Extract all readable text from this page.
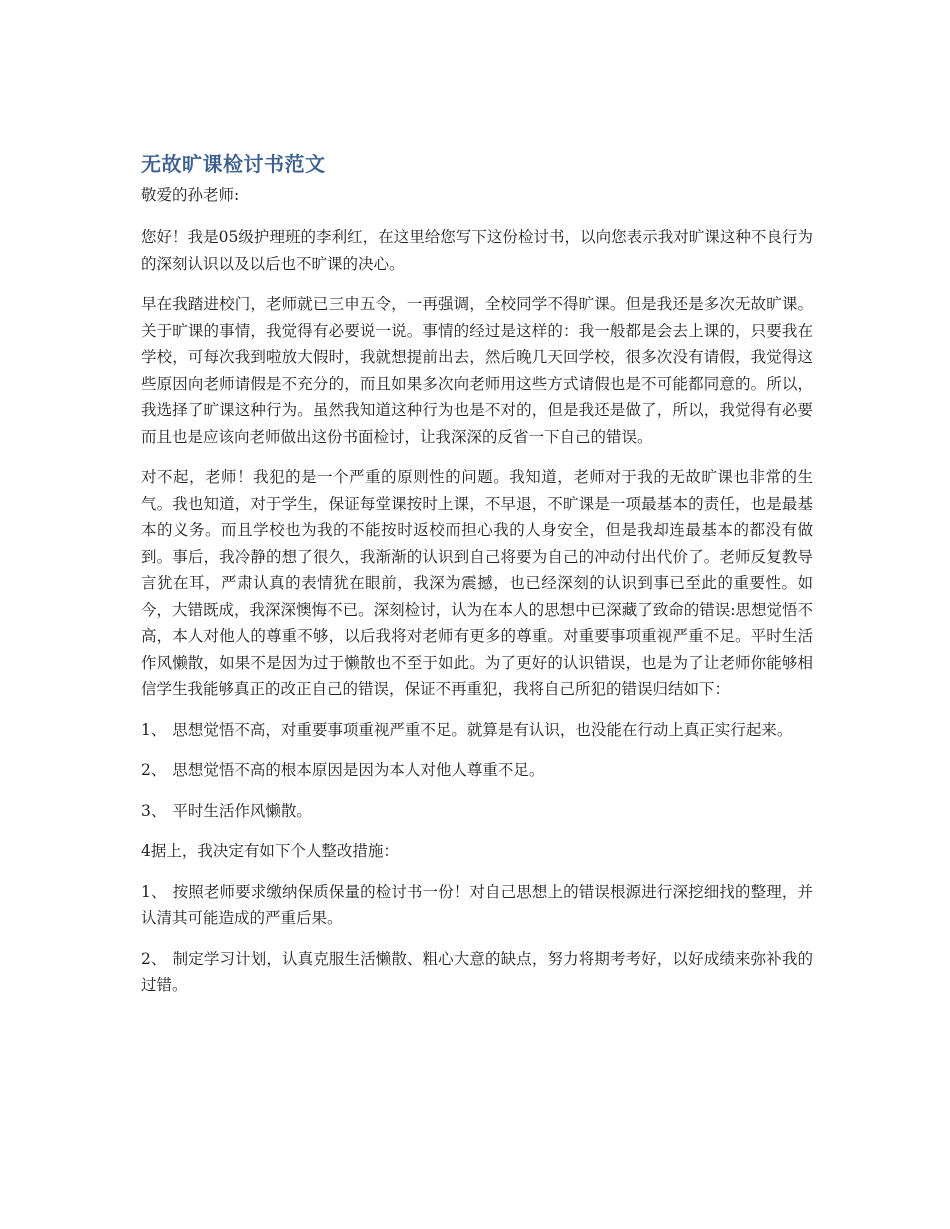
无故旷课检讨书范文

敬爱的孙老师:

您好！我是05级护理班的李利红，在这里给您写下这份检讨书，以向您表示我对旷课这种不良行为的深刻认识以及以后也不旷课的决心。

早在我踏进校门，老师就已三申五令，一再强调，全校同学不得旷课。但是我还是多次无故旷课。关于旷课的事情，我觉得有必要说一说。事情的经过是这样的：我一般都是会去上课的，只要我在学校，可每次我到啦放大假时，我就想提前出去，然后晚几天回学校，很多次没有请假，我觉得这些原因向老师请假是不充分的，而且如果多次向老师用这些方式请假也是不可能都同意的。所以，我选择了旷课这种行为。虽然我知道这种行为也是不对的，但是我还是做了，所以，我觉得有必要而且也是应该向老师做出这份书面检讨，让我深深的反省一下自己的错误。

对不起，老师！我犯的是一个严重的原则性的问题。我知道，老师对于我的无故旷课也非常的生气。我也知道，对于学生，保证每堂课按时上课，不早退，不旷课是一项最基本的责任，也是最基本的义务。而且学校也为我的不能按时返校而担心我的人身安全，但是我却连最基本的都没有做到。事后，我冷静的想了很久，我渐渐的认识到自己将要为自己的冲动付出代价了。老师反复教导言犹在耳，严肃认真的表情犹在眼前，我深为震撼，也已经深刻的认识到事已至此的重要性。如今，大错既成，我深深懊悔不已。深刻检讨，认为在本人的思想中已深藏了致命的错误:思想觉悟不高，本人对他人的尊重不够，以后我将对老师有更多的尊重。对重要事项重视严重不足。平时生活作风懒散，如果不是因为过于懒散也不至于如此。为了更好的认识错误，也是为了让老师你能够相信学生我能够真正的改正自己的错误，保证不再重犯，我将自己所犯的错误归结如下：

1、 思想觉悟不高，对重要事项重视严重不足。就算是有认识，也没能在行动上真正实行起来。

2、 思想觉悟不高的根本原因是因为本人对他人尊重不足。

3、 平时生活作风懒散。

4据上，我决定有如下个人整改措施：

1、 按照老师要求缴纳保质保量的检讨书一份！对自己思想上的错误根源进行深挖细找的整理，并认清其可能造成的严重后果。

2、 制定学习计划，认真克服生活懒散、粗心大意的缺点，努力将期考考好，以好成绩来弥补我的过错。
